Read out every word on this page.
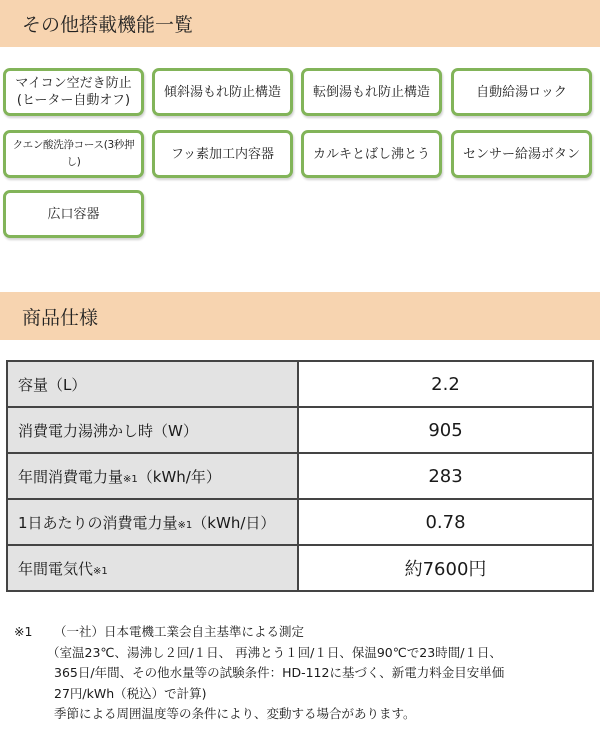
その他搭載機能一覧
マイコン空だき防止
(ヒーター自動オフ)
傾斜湯もれ防止構造 転倒湯もれ防止構造	自動給湯ロック
クエン酸洗浄コース(3秒押し)
フッ素加工内容器	カルキとばし沸とう	センサー給湯ボタン
広口容器
商品仕様
容量（L）	2.2
消費電力湯沸かし時（W）	905
年間消費電力量※1（kWh/年）	283
1日あたりの消費電力量※1（kWh/日）	0.78
年間電気代※1	約7600円
※1	（一社）日本電機工業会自主基準による測定
（室温23℃、湯沸し２回/１日、 再沸とう１回/１日、保温90℃で23時間/１日、
365日/年間、その他水量等の試験条件：HD-112に基づく、新電力料金目安単価
27円/kWh（税込）で計算)
季節による周囲温度等の条件により、変動する場合があります。
